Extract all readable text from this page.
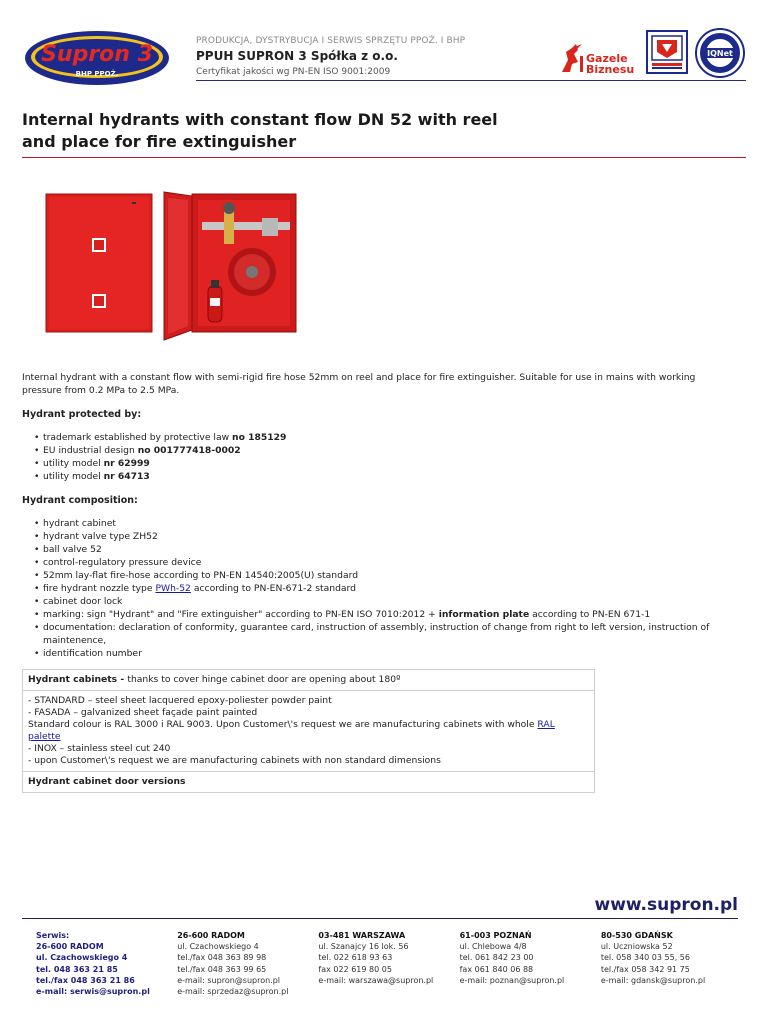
Supron 3
BHP PPOŻ.
PRODUKCJA, DYSTRYBUCJA I SERWIS SPRZĘTU PPOŻ. I BHP
PPUH SUPRON 3 Spółka z o.o.
Certyfikat jakości wg PN-EN ISO 9001:2009
Gazele
Biznesu
IQNet
Internal hydrants with constant flow DN 52 with reel
and place for fire extinguisher

Internal hydrant with a constant flow with semi-rigid fire hose 52mm on reel and place for fire extinguisher. Suitable for use in mains with working pressure from 0.2 MPa to 2.5 MPa.

Hydrant protected by:
• trademark established by protective law no 185129
• EU industrial design no 001777418-0002
• utility model nr 62999
• utility model nr 64713
Hydrant composition:
• hydrant cabinet
• hydrant valve type ZH52
• ball valve 52
• control-regulatory pressure device
• 52mm lay-flat fire-hose according to PN-EN 14540:2005(U) standard
• fire hydrant nozzle type PWh-52 according to PN-EN-671-2 standard
• cabinet door lock
• marking: sign "Hydrant" and "Fire extinguisher" according to PN-EN ISO 7010:2012 + information plate according to PN-EN 671-1
• documentation: declaration of conformity, guarantee card, instruction of assembly, instruction of change from right to left version, instruction of maintenence,
• identification number
Hydrant cabinets - thanks to cover hinge cabinet door are opening about 180º
- STANDARD – steel sheet lacquered epoxy-poliester powder paint
- FASADA – galvanized sheet façade paint painted
Standard colour is RAL 3000 i RAL 9003. Upon Customer\'s request we are manufacturing cabinets with whole RAL palette
- INOX – stainless steel cut 240
- upon Customer\'s request we are manufacturing cabinets with non standard dimensions
Hydrant cabinet door versions
www.supron.pl
Serwis:
26-600 RADOM
ul. Czachowskiego 4
tel. 048 363 21 85
tel./fax 048 363 21 86
e-mail: serwis@supron.pl
26-600 RADOM
ul. Czachowskiego 4
tel./fax 048 363 89 98
tel./fax 048 363 99 65
e-mail: supron@supron.pl
e-mail: sprzedaz@supron.pl
03-481 WARSZAWA
ul. Szanajcy 16 lok. 56
tel. 022 618 93 63
fax 022 619 80 05
e-mail: warszawa@supron.pl
61-003 POZNAŃ
ul. Chlebowa 4/8
tel. 061 842 23 00
fax 061 840 06 88
e-mail: poznan@supron.pl
80-530 GDAŃSK
ul. Uczniowska 52
tel. 058 340 03 55, 56
tel./fax 058 342 91 75
e-mail: gdansk@supron.pl
